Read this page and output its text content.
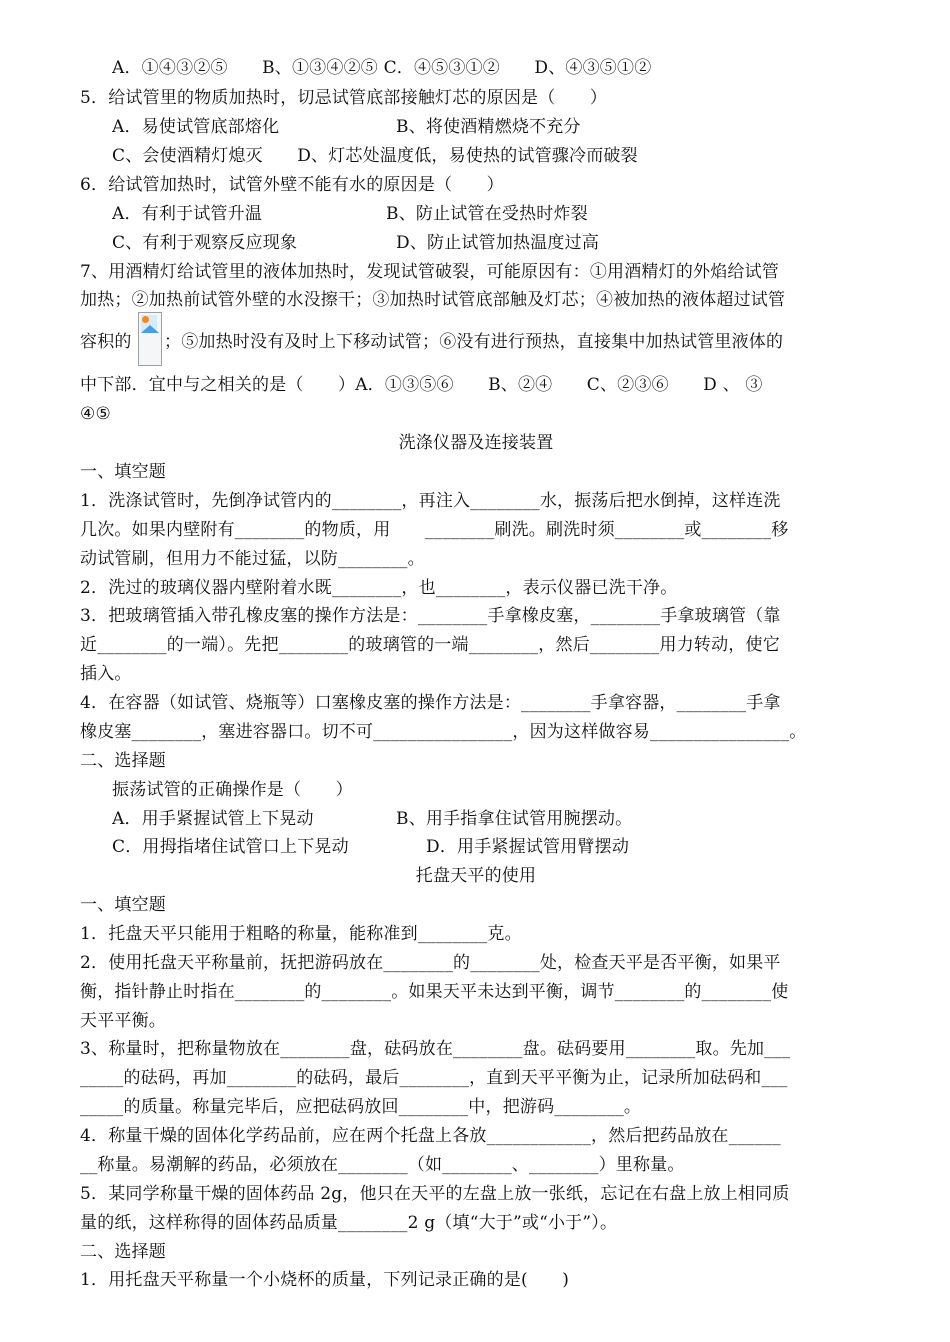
A．①④③②⑤　　B、①③④②⑤ C．④⑤③①②　　D、④③⑤①②
5．给试管里的物质加热时，切忌试管底部接触灯芯的原因是（　　）
A．易使试管底部熔化	B、将使酒精燃烧不充分
C、会使酒精灯熄灭　　D、灯芯处温度低，易使热的试管骤冷而破裂
6．给试管加热时，试管外壁不能有水的原因是（　　）
A．有利于试管升温	B、防止试管在受热时炸裂
C、有利于观察反应现象	D、防止试管加热温度过高
7、用酒精灯给试管里的液体加热时，发现试管破裂，可能原因有：①用酒精灯的外焰给试管
加热；②加热前试管外壁的水没擦干；③加热时试管底部触及灯芯；④被加热的液体超过试管
容积的 ；⑤加热时没有及时上下移动试管；⑥没有进行预热，直接集中加热试管里液体的
中下部．宜中与之相关的是（　　）A．①③⑤⑥　　B、②④　　C、②③⑥　　D 、 ③
④⑤
洗涤仪器及连接装置
一、填空题
1．洗涤试管时，先倒净试管内的________，再注入________水，振荡后把水倒掉，这样连洗
几次。如果内壁附有________的物质，用　　________刷洗。刷洗时须________或________移
动试管刷，但用力不能过猛，以防________。
2．洗过的玻璃仪器内壁附着水既________，也________，表示仪器已洗干净。
3．把玻璃管插入带孔橡皮塞的操作方法是：________手拿橡皮塞，________手拿玻璃管（靠
近________的一端）。先把________的玻璃管的一端________，然后________用力转动，使它
插入。
4．在容器（如试管、烧瓶等）口塞橡皮塞的操作方法是：________手拿容器，________手拿
橡皮塞________，塞进容器口。切不可________________，因为这样做容易________________。
二、选择题
振荡试管的正确操作是（　　）
A．用手紧握试管上下晃动	B、用手指拿住试管用腕摆动。
C．用拇指堵住试管口上下晃动	D．用手紧握试管用臂摆动
托盘天平的使用
一、填空题
1．托盘天平只能用于粗略的称量，能称准到________克。
2．使用托盘天平称量前，抚把游码放在________的________处，检查天平是否平衡，如果平
衡，指针静止时指在________的________。如果天平未达到平衡，调节________的________使
天平平衡。
3、称量时，把称量物放在________盘，砝码放在________盘。砝码要用________取。先加___
_____的砝码，再加________的砝码，最后________，直到天平平衡为止，记录所加砝码和___
_____的质量。称量完毕后，应把砝码放回________中，把游码________。
4．称量干燥的固体化学药品前，应在两个托盘上各放____________，然后把药品放在______
__称量。易潮解的药品，必须放在________（如________、________）里称量。
5．某同学称量干燥的固体药品 2g，他只在天平的左盘上放一张纸，忘记在右盘上放上相同质
量的纸，这样称得的固体药品质量________2 g（填“大于”或“小于”）。
二、选择题
1．用托盘天平称量一个小烧杯的质量，下列记录正确的是(　　)
